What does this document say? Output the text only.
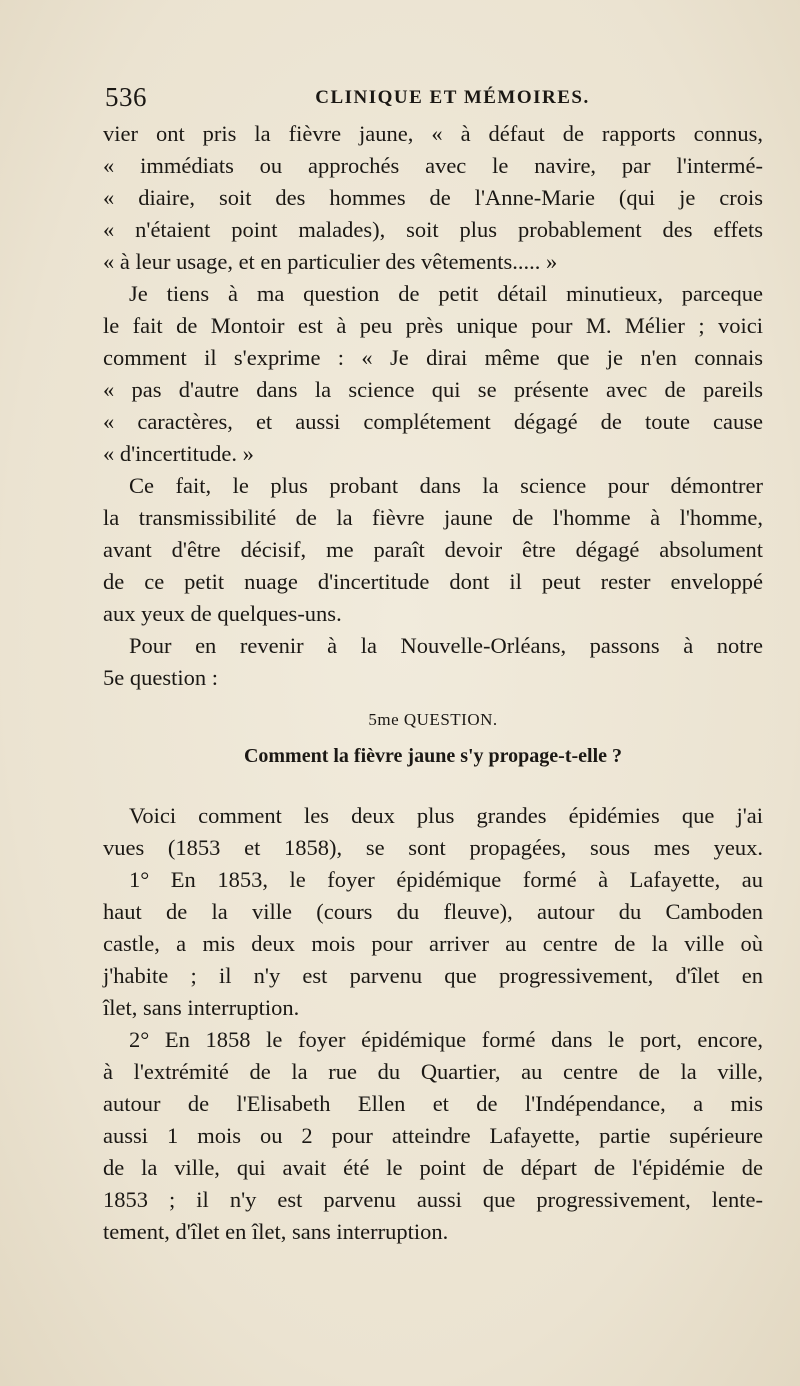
536	CLINIQUE ET MÉMOIRES.
vier ont pris la fièvre jaune, « à défaut de rapports connus,
« immédiats ou approchés avec le navire, par l'intermé-
« diaire, soit des hommes de l'Anne-Marie (qui je crois
« n'étaient point malades), soit plus probablement des effets
« à leur usage, et en particulier des vêtements..... »
Je tiens à ma question de petit détail minutieux, parceque
le fait de Montoir est à peu près unique pour M. Mélier ; voici
comment il s'exprime : « Je dirai même que je n'en connais
« pas d'autre dans la science qui se présente avec de pareils
« caractères, et aussi complétement dégagé de toute cause
« d'incertitude. »
Ce fait, le plus probant dans la science pour démontrer
la transmissibilité de la fièvre jaune de l'homme à l'homme,
avant d'être décisif, me paraît devoir être dégagé absolument
de ce petit nuage d'incertitude dont il peut rester enveloppé
aux yeux de quelques-uns.
Pour en revenir à la Nouvelle-Orléans, passons à notre
5e question :
5me QUESTION.
Comment la fièvre jaune s'y propage-t-elle ?
Voici comment les deux plus grandes épidémies que j'ai
vues (1853 et 1858), se sont propagées, sous mes yeux.
1° En 1853, le foyer épidémique formé à Lafayette, au
haut de la ville (cours du fleuve), autour du Camboden
castle, a mis deux mois pour arriver au centre de la ville où
j'habite ; il n'y est parvenu que progressivement, d'îlet en
îlet, sans interruption.
2° En 1858 le foyer épidémique formé dans le port, encore,
à l'extrémité de la rue du Quartier, au centre de la ville,
autour de l'Elisabeth Ellen et de l'Indépendance, a mis
aussi 1 mois ou 2 pour atteindre Lafayette, partie supérieure
de la ville, qui avait été le point de départ de l'épidémie de
1853 ; il n'y est parvenu aussi que progressivement, lente-
tement, d'îlet en îlet, sans interruption.
